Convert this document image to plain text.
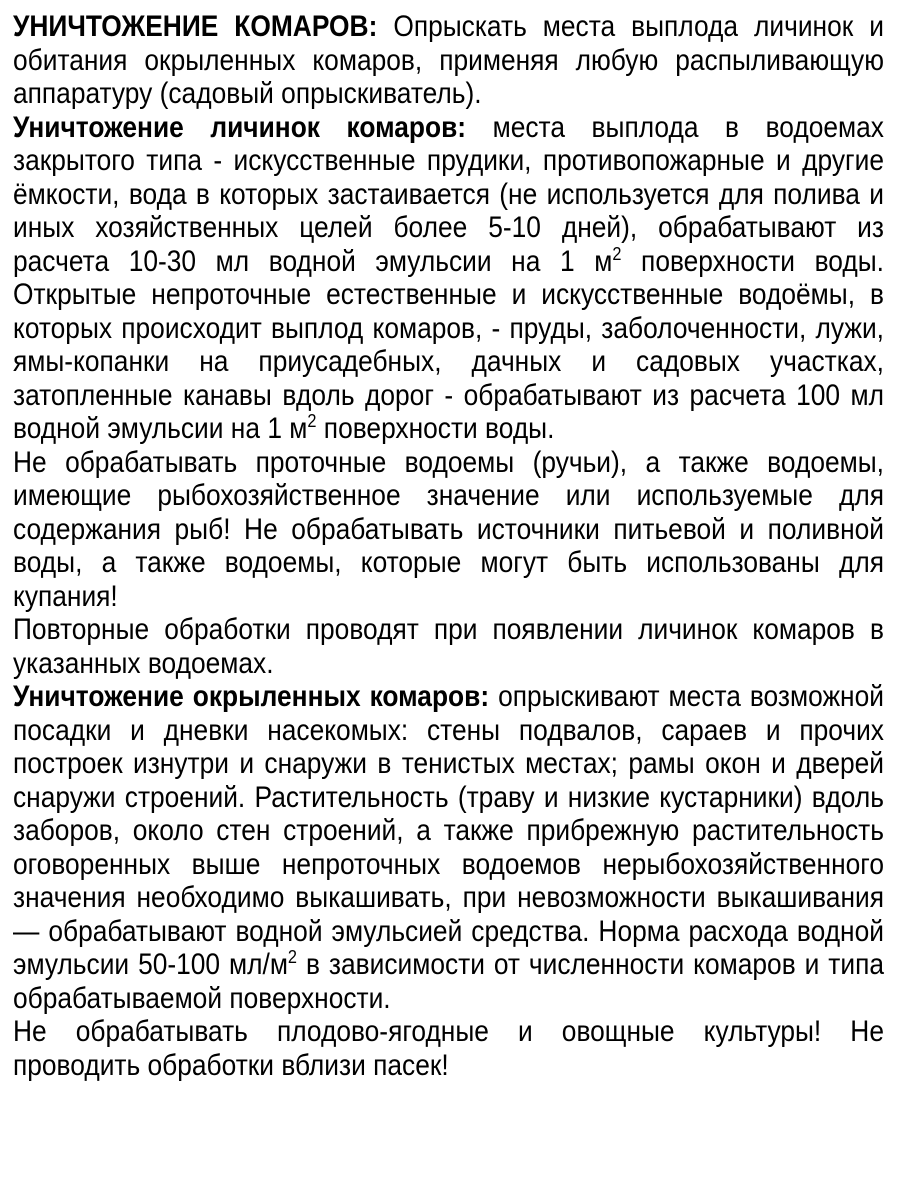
УНИЧТОЖЕНИЕ КОМАРОВ: Опрыскать места выплода личинок и обитания окрыленных комаров, применяя любую распыливающую аппаратуру (садовый опрыскиватель).

Уничтожение личинок комаров: места выплода в водоемах закрытого типа - искусственные прудики, противопожарные и другие ёмкости, вода в которых застаивается (не используется для полива и иных хозяйственных целей более 5-10 дней), обрабатывают из расчета 10-30 мл водной эмульсии на 1 $м^2$ поверхности воды. Открытые непроточные естественные и искусственные водоёмы, в которых происходит выплод комаров, - пруды, заболоченности, лужи, ямы-копанки на приусадебных, дачных и садовых участках, затопленные канавы вдоль дорог - обрабатывают из расчета 100 мл водной эмульсии на 1 $м^2$ поверхности воды.

Не обрабатывать проточные водоемы (ручьи), а также водоемы, имеющие рыбохозяйственное значение или используемые для содержания рыб! Не обрабатывать источники питьевой и поливной воды, а также водоемы, которые могут быть использованы для купания!

Повторные обработки проводят при появлении личинок комаров в указанных водоемах.

Уничтожение окрыленных комаров: опрыскивают места возможной посадки и дневки насекомых: стены подвалов, сараев и прочих построек изнутри и снаружи в тенистых местах; рамы окон и дверей снаружи строений. Растительность (траву и низкие кустарники) вдоль заборов, около стен строений, а также прибрежную растительность оговоренных выше непроточных водоемов нерыбохозяйственного значения необходимо выкашивать, при невозможности выкашивания — обрабатывают водной эмульсией средства. Норма расхода водной эмульсии 50-100 $мл/м^2$ в зависимости от численности комаров и типа обрабатываемой поверхности.

Не обрабатывать плодово-ягодные и овощные культуры! Не проводить обработки вблизи пасек!
